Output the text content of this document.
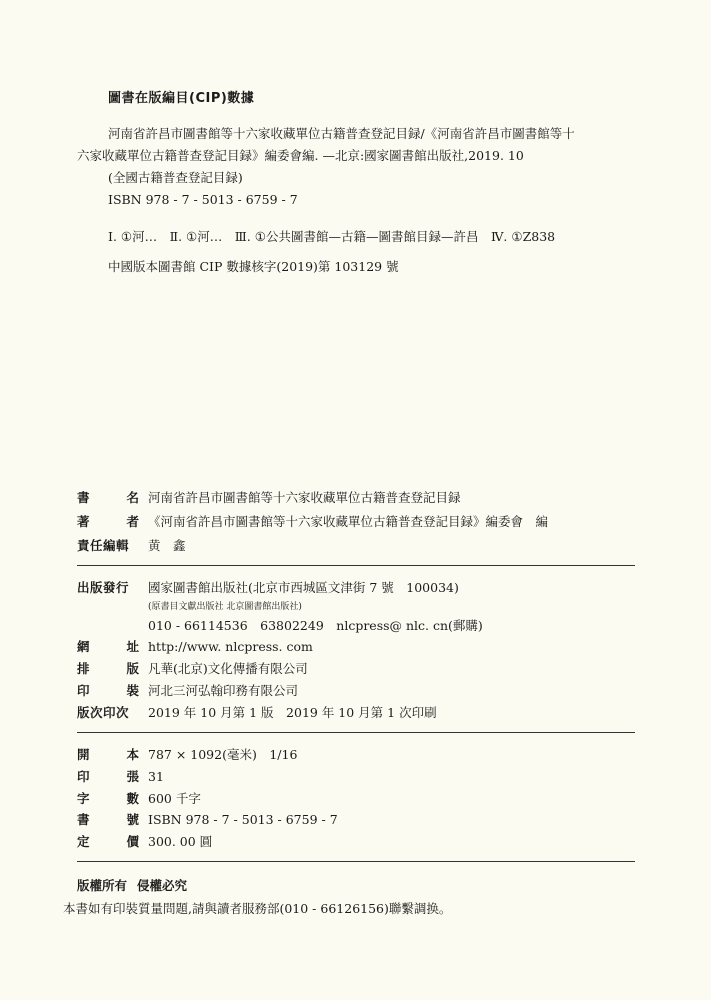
圖書在版編目(CIP)數據
河南省許昌市圖書館等十六家收藏單位古籍普查登記目録/《河南省許昌市圖書館等十
六家收藏單位古籍普查登記目録》編委會編. —北京:國家圖書館出版社,2019. 10
(全國古籍普查登記目録)
ISBN 978 - 7 - 5013 - 6759 - 7
Ⅰ. ①河…　Ⅱ. ①河…　Ⅲ. ①公共圖書館—古籍—圖書館目録—許昌　Ⅳ. ①Z838
中國版本圖書館 CIP 數據核字(2019)第 103129 號
書	名 河南省許昌市圖書館等十六家收藏單位古籍普查登記目録
著	者 《河南省許昌市圖書館等十六家收藏單位古籍普查登記目録》編委會　編
責任編輯	黄　鑫
出版發行	國家圖書館出版社(北京市西城區文津街 7 號　100034)
(原書目文獻出版社 北京圖書館出版社)
010 - 66114536　63802249　nlcpress@ nlc. cn(郵購)
網	址 http://www. nlcpress. com
排	版 凡華(北京)文化傳播有限公司
印	裝 河北三河弘翰印務有限公司
版次印次	2019 年 10 月第 1 版　2019 年 10 月第 1 次印刷
開	本 787 × 1092(毫米)　1/16
印	張 31
字	數 600 千字
書	號 ISBN 978 - 7 - 5013 - 6759 - 7
定	價 300. 00 圓
版權所有 侵權必究
本書如有印裝質量問題,請與讀者服務部(010 - 66126156)聯繫調换。
